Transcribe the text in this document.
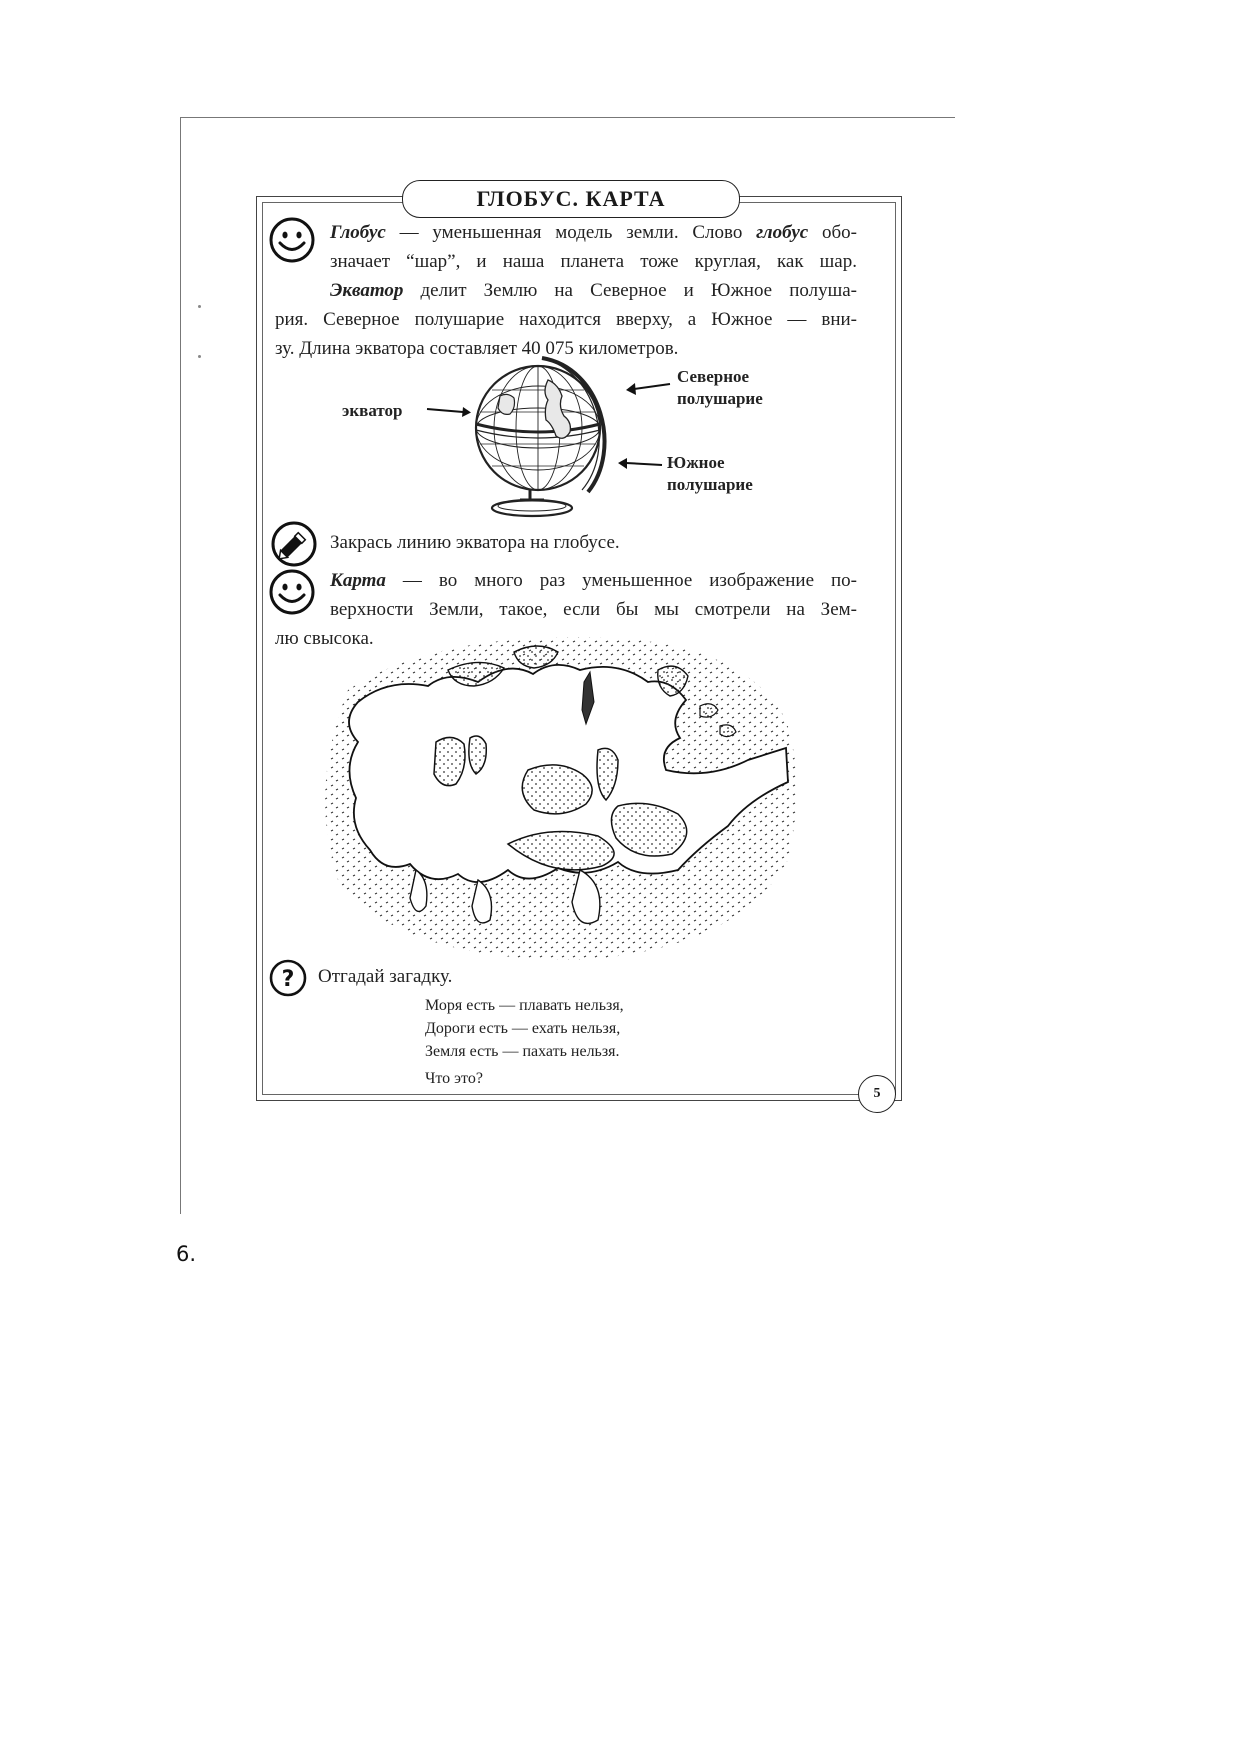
ГЛОБУС. КАРТА
Глобус — уменьшенная модель земли. Слово глобус обо-
значает “шар”, и наша планета тоже круглая, как шар.
Экватор делит Землю на Северное и Южное полуша-
рия. Северное полушарие находится вверху, а Южное — вни-
зу. Длина экватора составляет 40 075 километров.
экватор
Северное
полушарие
Южное
полушарие
Закрась линию экватора на глобусе.
Карта — во много раз уменьшенное изображение по-
верхности Земли, такое, если бы мы смотрели на Зем-
лю свысока.
? Отгадай загадку.
Моря есть — плавать нельзя,
Дороги есть — ехать нельзя,
Земля есть — пахать нельзя.
Что это?
5
6.
